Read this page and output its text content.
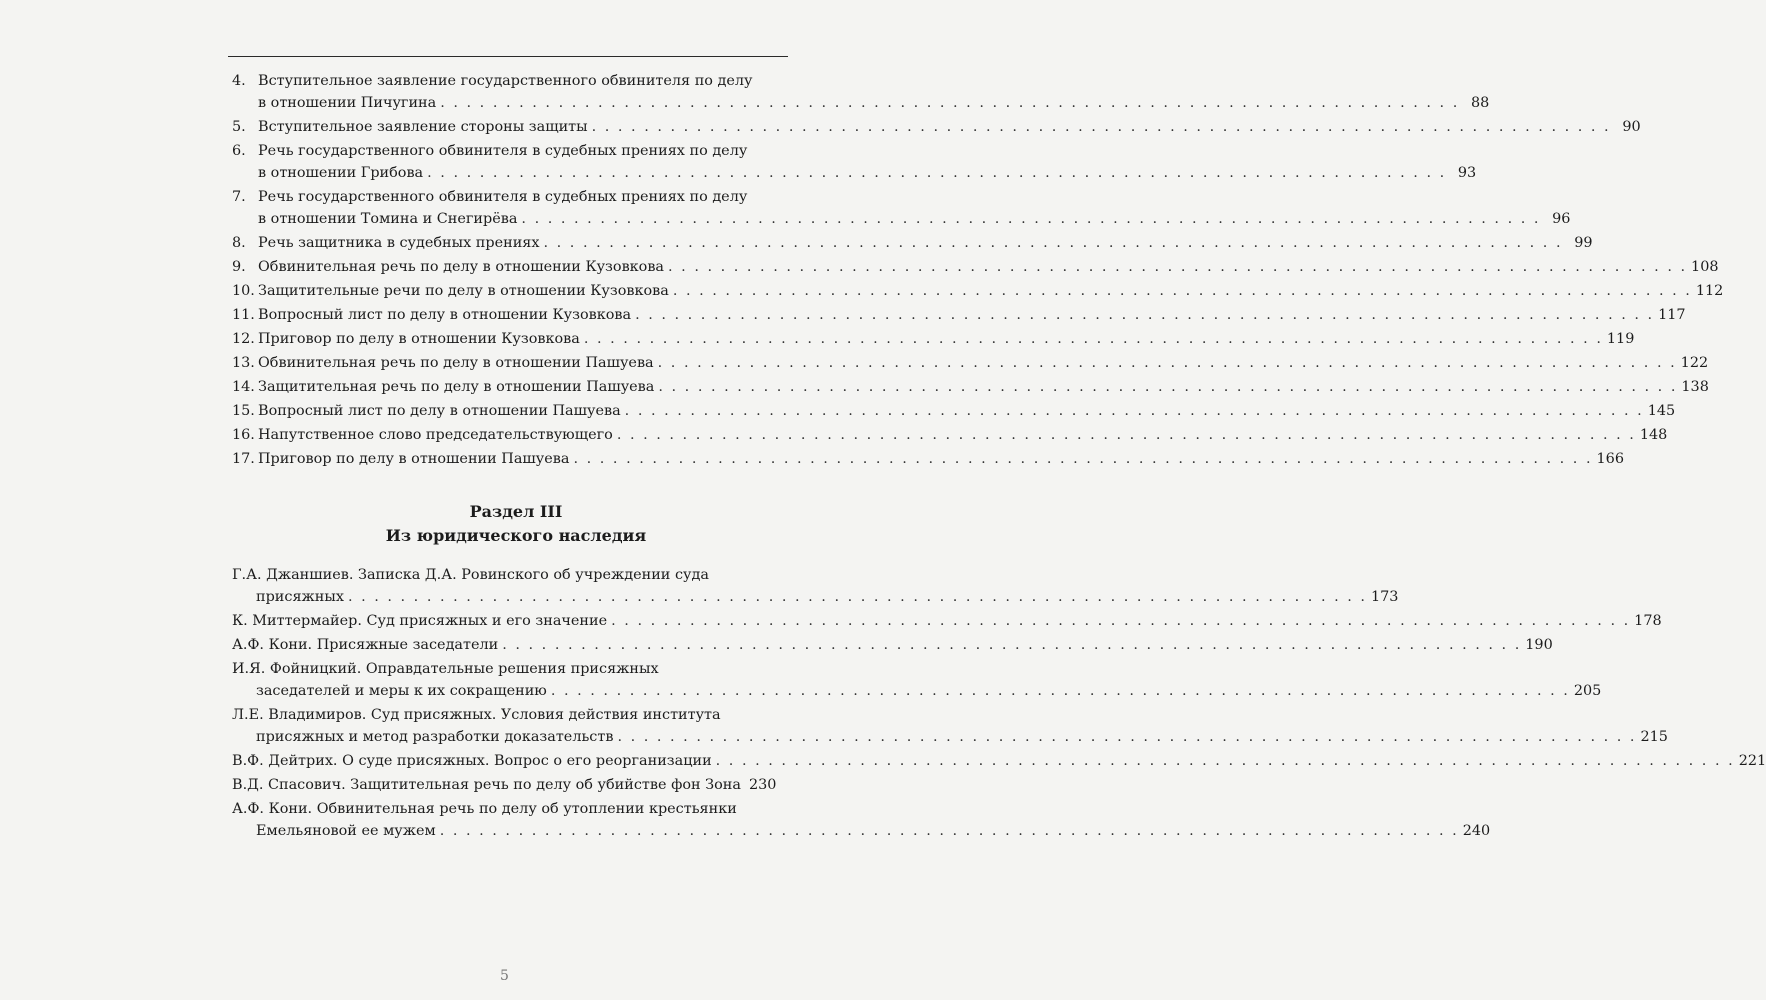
4. Вступительное заявление государственного обвинителя по делу
в отношении Пичугина . . .	88
5. Вступительное заявление стороны защиты . . .	90
6. Речь государственного обвинителя в судебных прениях по делу
в отношении Грибова . . .	93
7. Речь государственного обвинителя в судебных прениях по делу
в отношении Томина и Снегирёва . . .	96
8. Речь защитника в судебных прениях . . .	99
9. Обвинительная речь по делу в отношении Кузовкова . . .	108
10. Защитительные речи по делу в отношении Кузовкова . . .	112
11. Вопросный лист по делу в отношении Кузовкова . . .	117
12. Приговор по делу в отношении Кузовкова . . .	119
13. Обвинительная речь по делу в отношении Пашуева . . .	122
14. Защитительная речь по делу в отношении Пашуева . . .	138
15. Вопросный лист по делу в отношении Пашуева . . .	145
16. Напутственное слово председательствующего . . .	148
17. Приговор по делу в отношении Пашуева . . .	166
Раздел III
Из юридического наследия
Г.А. Джаншиев. Записка Д.А. Ровинского об учреждении суда
присяжных . . .	173
К. Миттермайер. Суд присяжных и его значение . . .	178
А.Ф. Кони. Присяжные заседатели . . .	190
И.Я. Фойницкий. Оправдательные решения присяжных
заседателей и меры к их сокращению . . .	205
Л.Е. Владимиров. Суд присяжных. Условия действия института
присяжных и метод разработки доказательств . . .	215
В.Ф. Дейтрих. О суде присяжных. Вопрос о его реорганизации . . .	221
В.Д. Спасович. Защитительная речь по делу об убийстве фон Зона 230
А.Ф. Кони. Обвинительная речь по делу об утоплении крестьянки
Емельяновой ее мужем . . .	240
5
